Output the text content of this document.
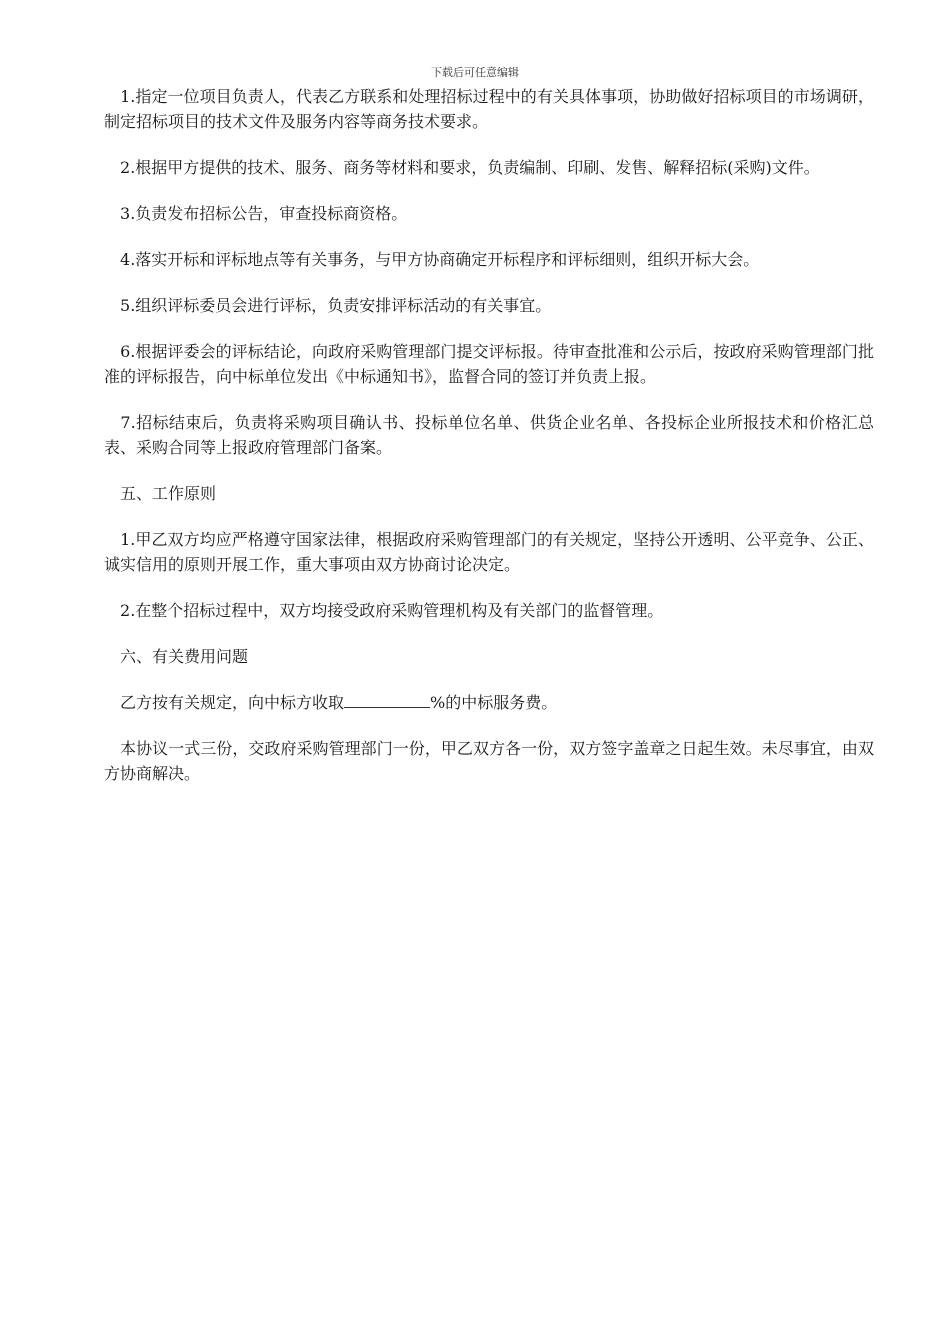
下载后可任意编辑

　1.指定一位项目负责人，代表乙方联系和处理招标过程中的有关具体事项，协助做好招标项目的市场调研，制定招标项目的技术文件及服务内容等商务技术要求。

　2.根据甲方提供的技术、服务、商务等材料和要求，负责编制、印刷、发售、解释招标(采购)文件。

　3.负责发布招标公告，审查投标商资格。

　4.落实开标和评标地点等有关事务，与甲方协商确定开标程序和评标细则，组织开标大会。

　5.组织评标委员会进行评标，负责安排评标活动的有关事宜。

　6.根据评委会的评标结论，向政府采购管理部门提交评标报。待审查批准和公示后，按政府采购管理部门批准的评标报告，向中标单位发出《中标通知书》，监督合同的签订并负责上报。

　7.招标结束后，负责将采购项目确认书、投标单位名单、供货企业名单、各投标企业所报技术和价格汇总表、采购合同等上报政府管理部门备案。

　五、工作原则

　1.甲乙双方均应严格遵守国家法律，根据政府采购管理部门的有关规定，坚持公开透明、公平竞争、公正、诚实信用的原则开展工作，重大事项由双方协商讨论决定。

　2.在整个招标过程中，双方均接受政府采购管理机构及有关部门的监督管理。

　六、有关费用问题

　乙方按有关规定，向中标方收取	%的中标服务费。

　本协议一式三份，交政府采购管理部门一份，甲乙双方各一份，双方签字盖章之日起生效。未尽事宜，由双方协商解决。
